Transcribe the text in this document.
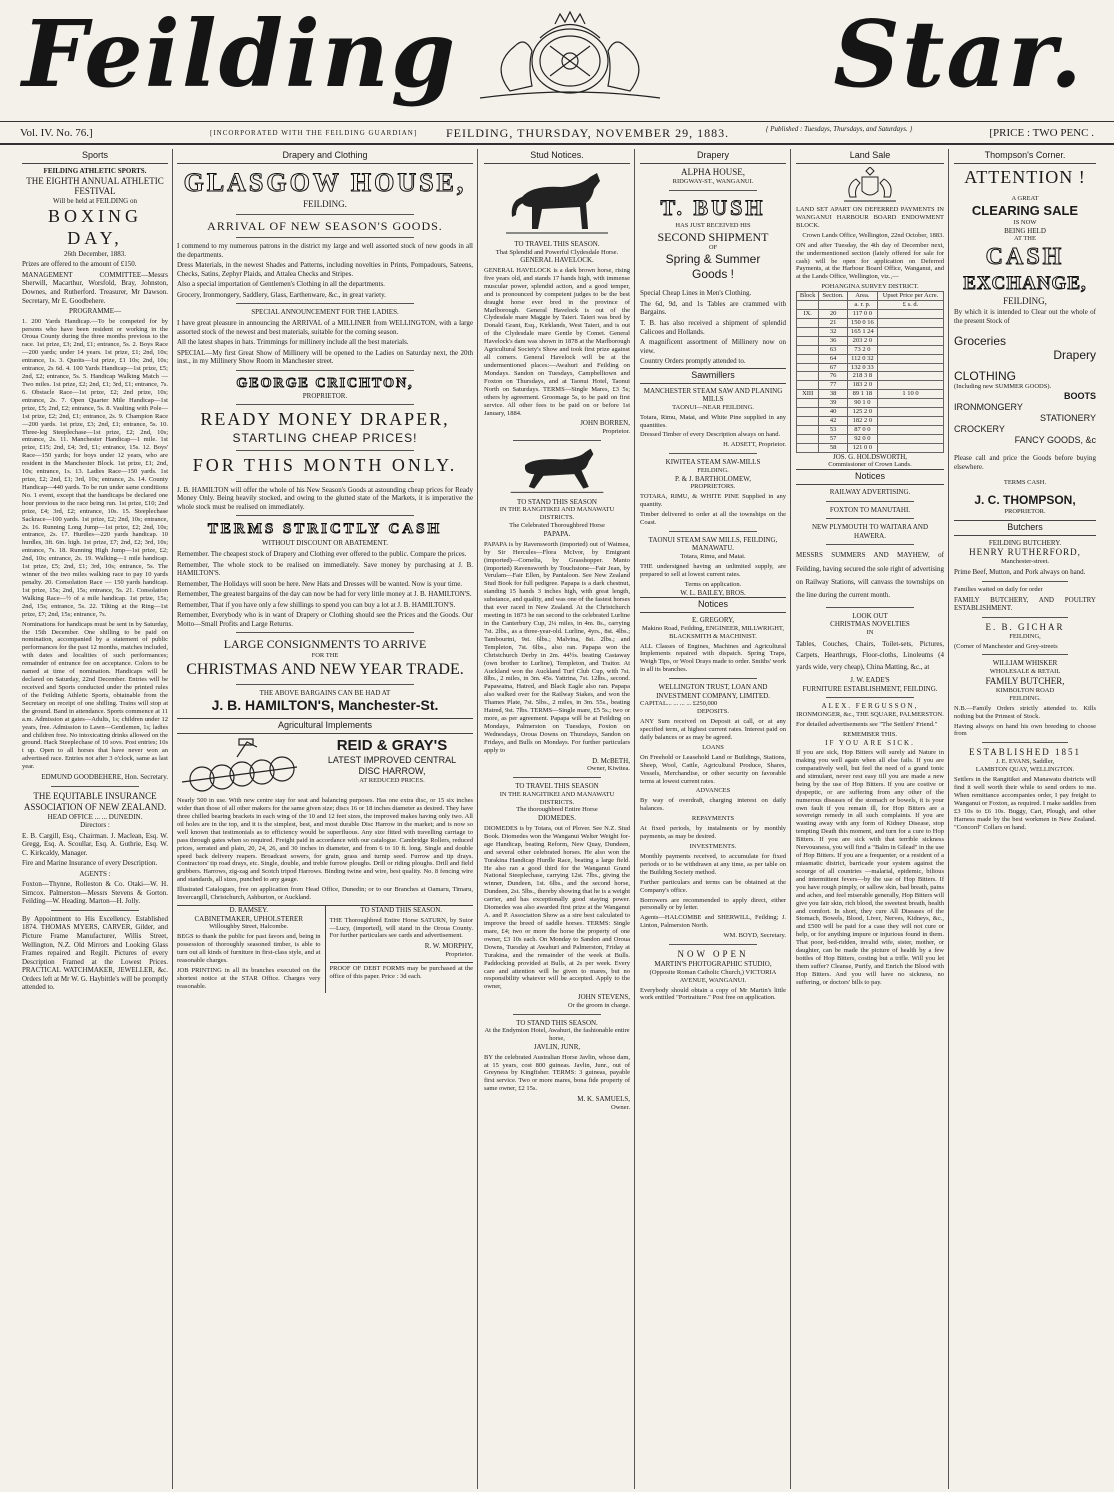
Feilding	Star.
Vol. IV. No. 76.]	[INCORPORATED WITH THE FEILDING GUARDIAN] FEILDING, THURSDAY, NOVEMBER 29, 1883.	{ Published : Tuesdays, Thursdays, and Saturdays. }	[PRICE : TWO PENC .
Sports
FEILDING ATHLETIC SPORTS.
THE EIGHTH ANNUAL ATHLETIC FESTIVAL
Will be held at FEILDING on
BOXING DAY,
26th December, 1883.
Prizes are offered to the amount of £150.
MANAGEMENT COMMITTEE—Messrs Sherwill, Macarthur, Worsfold, Bray, Johnston, Downes, and Rutherford. Treasurer, Mr Dawson. Secretary, Mr E. Goodbehere.
PROGRAMME—
1. 200 Yards Handicap.—To be competed for by persons who have been resident or working in the Oroua County during the three months previous to the race. 1st prize, £3; 2nd, £1; entrance, 5s. 2. Boys Race—200 yards; under 14 years. 1st prize, £1; 2nd, 10s; entrance, 1s. 3. Quoits—1st prize, £1 10s; 2nd, 10s; entrance, 2s 6d. 4. 100 Yards Handicap—1st prize, £5; 2nd, £2; entrance, 5s. 5. Handicap Walking Match — Two miles. 1st prize, £2; 2nd, £1; 3rd, £1; entrance, 7s. 6. Obstacle Race—1st prize, £2; 2nd prize, 10s; entrance, 2s. 7. Open Quarter Mile Handicap—1st prize, £5; 2nd, £2; entrance, 5s. 8. Vaulting with Pole—1st prize, £2; 2nd, £1; entrance, 2s. 9. Champion Race—200 yards. 1st prize, £3; 2nd, £1; entrance, 5s. 10. Three-leg Steeplechase—1st prize, £2; 2nd, 10s; entrance, 2s. 11. Manchester Handicap—1 mile. 1st prize, £15; 2nd, £4; 3rd, £1; entrance, 15s. 12. Boys' Race—150 yards; for boys under 12 years, who are resident in the Manchester Block. 1st prize, £1; 2nd, 10s; entrance, 1s. 13. Ladies Race—150 yards. 1st prize, £2; 2nd, £1; 3rd, 10s; entrance, 2s. 14. County Handicap—440 yards. To be run under same conditions No. 1 event, except that the handicaps be declared one hour previous to the race being run. 1st prize, £10; 2nd prize, £4; 3rd, £2; entrance, 10s. 15. Steeplechase Sackrace—100 yards. 1st prize, £2; 2nd, 10s; entrance, 2s. 16. Running Long Jump—1st prize, £2; 2nd, 10s; entrance, 2s. 17. Hurdles—220 yards handicap. 10 hurdles, 3ft. 6in. high. 1st prize, £7; 2nd, £2; 3rd, 10s; entrance, 7s. 18. Running High Jump—1st prize, £2; 2nd, 10s; entrance, 2s. 19. Walking—1 mile handicap. 1st prize, £5; 2nd, £1; 3rd, 10s; entrance, 5s. The winner of the two miles walking race to pay 10 yards penalty. 20. Consolation Race — 150 yards handicap. 1st prize, 15s; 2nd, 15s; entrance, 5s. 21. Consolation Walking Race—½ of a mile handicap. 1st prize, 15s; 2nd, 15s; entrance, 5s. 22. Tilting at the Ring—1st prize, £7; 2nd, 15s; entrance, 7s.
Nominations for handicaps must be sent in by Saturday, the 15th December. One shilling to be paid on nomination, accompanied by a statement of public performances for the past 12 months, matches included, with dates and localities of such performances; remainder of entrance fee on acceptance. Colors to be named at time of nomination. Handicaps will be declared on Saturday, 22nd December. Entries will be received and Sports conducted under the printed rules of the Feilding Athletic Sports, obtainable from the Secretary on receipt of one shilling. Trains will stop at the ground. Band in attendance. Sports commence at 11 a.m. Admission at gates—Adults, 1s; children under 12 years, free. Admission to Lawn—Gentlemen, 1s; ladies and children free. No intoxicating drinks allowed on the ground. Hack Steeplechase of 10 sovs. Post entries; 10s t up. Open to all horses that have never won an advertised race. Entries not after 3 o'clock, same as last year.
EDMUND GOODBEHERE, Hon. Secretary.
THE EQUITABLE INSURANCE ASSOCIATION OF NEW ZEALAND.
HEAD OFFICE ... ... DUNEDIN.
Directors :
E. B. Cargill, Esq., Chairman. J. Maclean, Esq. W. Gregg, Esq. A. Scoullar, Esq. A. Guthrie, Esq. W. C. Kirkcaldy, Manager.
Fire and Marine Insurance of every Description.
AGENTS :
Foxton—Thynne, Rolleston & Co. Otaki—W. H. Simcox. Palmerston—Messrs Stevens & Gorton. Feilding—W. Heading. Marton—H. Jolly.
By Appointment to His Excellency. Established 1874. THOMAS MYERS, CARVER, Gilder, and Picture Frame Manufacturer, Willis Street, Wellington, N.Z. Old Mirrors and Looking Glass Frames repaired and Regilt. Pictures of every Description Framed at the Lowest Prices. PRACTICAL WATCHMAKER, JEWELLER, &c. Orders left at Mr W. G. Haybittle's will be promptly attended to.
Drapery and Clothing
GLASGOW HOUSE,
FEILDING.
ARRIVAL OF NEW SEASON'S GOODS.
I commend to my numerous patrons in the district my large and well assorted stock of new goods in all the departments.
Dress Materials, in the newest Shades and Patterns, including novelties in Prints, Pompadours, Sateens, Checks, Satins, Zephyr Plaids, and Attalea Checks and Stripes.
Also a special importation of Gentlemen's Clothing in all the departments.
Grocery, Ironmongery, Saddlery, Glass, Earthenware, &c., in great variety.
SPECIAL ANNOUNCEMENT FOR THE LADIES.
I have great pleasure in announcing the ARRIVAL of a MILLINER from WELLINGTON, with a large assorted stock of the newest and best materials, suitable for the coming season.
All the latest shapes in hats. Trimmings for millinery include all the best materials.
SPECIAL—My first Great Show of Millinery will be opened to the Ladies on Saturday next, the 20th inst., in my Millinery Show Room in Manchester street.
GEORGE CRICHTON,
PROPRIETOR.
READY MONEY DRAPER,
STARTLING CHEAP PRICES!
FOR THIS MONTH ONLY.
J. B. HAMILTON will offer the whole of his New Season's Goods at astounding cheap prices for Ready Money Only. Being heavily stocked, and owing to the glutted state of the Markets, it is imperative the whole stock must be realised on immediately.
TERMS STRICTLY CASH
WITHOUT DISCOUNT OR ABATEMENT.
Remember. The cheapest stock of Drapery and Clothing ever offered to the public. Compare the prices.
Remember, The whole stock to be realised on immediately. Save money by purchasing at J. B. HAMILTON'S.
Remember, The Holidays will soon be here. New Hats and Dresses will be wanted. Now is your time.
Remember, The greatest bargains of the day can now be had for very little money at J. B. HAMILTON'S.
Remember, That if you have only a few shillings to spend you can buy a lot at J. B. HAMILTON'S.
Remember, Everybody who is in want of Drapery or Clothing should see the Prices and the Goods. Our Motto—Small Profits and Large Returns.
LARGE CONSIGNMENTS TO ARRIVE
FOR THE
CHRISTMAS AND NEW YEAR TRADE.
THE ABOVE BARGAINS CAN BE HAD AT
J. B. HAMILTON'S, Manchester-St.
Agricultural Implements
REID & GRAY'S
LATEST IMPROVED CENTRAL
DISC HARROW,
AT REDUCED PRICES.
Nearly 500 in use. With new centre stay for seat and balancing purposes. Has one extra disc, or 15 six inches wider than those of all other makers for the same given size; discs 16 or 18 inches diameter as desired. They have three chilled bearing brackets in each wing of the 10 and 12 feet sizes, the improved makes having only two. All oil holes are in the top, and it is the simplest, best, and most durable Disc Harrow in the market; and is now so well known that testimonials as to efficiency would be superfluous. Any size fitted with travelling carriage to pass through gates when so required. Freight paid in accordance with our catalogue. Cambridge Rollers, reduced prices, serrated and plain, 20, 24, 26, and 30 inches in diameter, and from 6 to 10 ft. long. Single and double speed back delivery reapers. Broadcast sowers, for grain, grass and turnip seed. Furrow and tip drays. Contractors' tip road drays, etc. Single, double, and treble furrow ploughs. Drill or riding ploughs. Drill and field grubbers. Harrows, zig-zag and Scotch tripod Harrows. Binding twine and wire, best quality. No. 8 fencing wire and standards, all sizes, punched to any gauge.
Illustrated Catalogues, free on application from Head Office, Dunedin; or to our Branches at Oamaru, Timaru, Invercargill, Christchurch, Ashburton, or Auckland.
D. RAMSEY.
CABINETMAKER, UPHOLSTERER
Willoughby Street, Halcombe.
BEGS to thank the public for past favors and, being in possession of thoroughly seasoned timber, is able to turn out all kinds of furniture in first-class style, and at reasonable charges.
JOB PRINTING in all its branches executed on the shortest notice at the STAR Office. Charges very reasonable.
TO STAND THIS SEASON.
THE Thoroughbred Entire Horse SATURN, by Sutor—Lucy, (imported), will stand in the Oroua County. For further particulars see cards and advertisement.
R. W. MORPHY,
Proprietor.
PROOF OF DEBT FORMS may be purchased at the office of this paper. Price : 3d each.
Stud Notices.
TO TRAVEL THIS SEASON.
That Splendid and Powerful Clydesdale Horse.
GENERAL HAVELOCK.
GENERAL HAVELOCK is a dark brown horse, rising five years old, and stands 17 hands high, with immense muscular power, splendid action, and a good temper, and is pronounced by competent judges to be the best draught horse ever bred in the province of Marlborough. General Havelock is out of the Clydesdale mare Maggie by Taieri. Taieri was bred by Donald Grant, Esq., Kirklands, West Taieri, and is out of the Clydesdale mare Gentle by Comet. General Havelock's dam was shown in 1878 at the Marlborough Agricultural Society's Show and took first prize against all comers. General Havelock will be at the undermentioned places:—Awahuri and Feilding on Mondays. Sandon on Tuesdays, Campbelltown and Foxton on Thursdays, and at Taonui Hotel, Taonui North on Saturdays. TERMS—Single Mares, £3 5s; others by agreement. Groomage 5s, to be paid on first service. All other fees to be paid on or before 1st January, 1884.
JOHN BORREN,
Proprietor.
TO STAND THIS SEASON
IN THE RANGITIKEI AND MANAWATU DISTRICTS.
The Celebrated Thoroughbred Horse
PAPAPA.
PAPAPA is by Ravensworth (imported) out of Waimea, by Sir Hercules—Flora McIvor, by Emigrant (imported)—Cornelia, by Grasshopper. Manto (imported) Ravensworth by Touchstone—Fair Jean, by Verulam—Fair Ellen, by Pantaloon. See New Zealand Stud Book for full pedigree. Papapa is a dark chestnut, standing 15 hands 3 inches high, with great length, substance, and quality, and was one of the fastest horses that ever raced in New Zealand. At the Christchurch meeting in 1873 he ran second to the celebrated Lurline in the Canterbury Cup, 2¼ miles, in 4m. 8s., carrying 7st. 2lbs., as a three-year-old. Lurline, 4yrs., 8st. 4lbs.; Tambourini, 9st. 6lbs.; Malvina, 8st. 2lbs.; and Templeton, 7st. 6lbs., also ran. Papapa won the Christchurch Derby in 2m. 44½s. beating Castaway (own brother to Lurline), Templeton, and Traitor. At Auckland won the Auckland Turf Club Cup, with 7st. 8lbs., 2 miles, in 3m. 45s. Yattrina, 7st. 12lbs., second. Papawaina, Hatred, and Black Eagle also ran. Papapa also walked over for the Railway Stakes, and won the Thames Plate, 7st. 5lbs., 2 miles, in 3m. 55s., beating Hatred, 9st. 7lbs. TERMS—Single mare, £5 5s.; two or more, as per agreement. Papapa will be at Feilding on Mondays, Palmerston on Tuesdays, Foxton on Wednesdays, Oroua Downs on Thursdays, Sandon on Fridays, and Bulls on Mondays. For further particulars apply to
D. McBETH,
Owner, Kiwitea.
TO TRAVEL THIS SEASON
IN THE RANGITIKEI AND MANAWATU DISTRICTS.
The thoroughbred Entire Horse
DIOMEDES.
DIOMEDES is by Totara, out of Plover. See N.Z. Stud Book. Diomedes won the Wanganui Welter Weight for-age Handicap, beating Reform, New Quay, Dundeen, and several other celebrated horses. He also won the Turakina Handicap Hurdle Race, beating a large field. He also ran a good third for the Wanganui Grand National Steeplechase, carrying 12st. 7lbs., giving the winner, Dundeen, 1st. 6lbs., and the second horse, Dundeen, 2st. 5lbs., thereby showing that he is a weight carrier, and has exceptionally good staying power. Diomedes was also awarded first prize at the Wanganui A. and P. Association Show as a sire best calculated to improve the breed of saddle horses. TERMS: Single mare, £4; two or more the horse the property of one owner, £3 10s each. On Monday to Sandon and Oroua Downs, Tuesday at Awahuri and Palmerston, Friday at Turakina, and the remainder of the week at Bulls. Paddocking provided at Bulls, at 2s per week. Every care and attention will be given to mares, but no responsibility whatever will be accepted. Apply to the owner,
JOHN STEVENS,
Or the groom in charge.
TO STAND THIS SEASON.
At the Endymion Hotel, Awahuri, the fashionable entire horse,
JAVLIN, JUNR,
BY the celebrated Australian Horse Javlin, whose dam, at 15 years, cost 800 guineas. Javlin, Junr., out of Greyness by Kingfisher. TERMS: 3 guineas, payable first service. Two or more mares, bona fide property of same owner, £2 15s.
M. K. SAMUELS,
Owner.
Drapery
ALPHA HOUSE,
RIDGWAY-ST., WANGANUI.
T. BUSH
HAS JUST RECEIVED HIS
SECOND SHIPMENT
OF
Spring & Summer
Goods !
Special Cheap Lines in Men's Clothing.
The 6d, 9d, and 1s Tables are crammed with Bargains.
T. B. has also received a shipment of splendid Calicoes and Hollands.
A magnificent assortment of Millinery now on view.
Country Orders promptly attended to.
Sawmillers
MANCHESTER STEAM SAW AND PLANING MILLS
TAONUI—NEAR FEILDING.
Totara, Rimu, Matai, and White Pine supplied in any quantities.
Dressed Timber of every Description always on hand.
H. ADSETT, Proprietor.
KIWITEA STEAM SAW-MILLS
FEILDING.
P. & J. BARTHOLOMEW,
PROPRIETORS.
TOTARA, RIMU, & WHITE PINE Supplied in any quantity.
Timber delivered to order at all the townships on the Coast.
TAONUI STEAM SAW MILLS, FEILDING, MANAWATU.
Totara, Rimu, and Matai.
THE undersigned having an unlimited supply, are prepared to sell at lowest current rates.
Terms on application.
W. L. BAILEY, BROS.
Notices
E. GREGORY,
Makino Road, Feilding, ENGINEER, MILLWRIGHT, BLACKSMITH & MACHINIST.
ALL Classes of Engines, Machines and Agricultural Implements repaired with dispatch. Spring Traps, Weigh Tips, or Wool Drays made to order. Smiths' work in all its branches.
WELLINGTON TRUST, LOAN AND INVESTMENT COMPANY, LIMITED.
CAPITAL... ... ... ... £250,000
DEPOSITS.
ANY Sum received on Deposit at call, or at any specified term, at highest current rates. Interest paid on daily balances or as may be agreed.
LOANS
On Freehold or Leasehold Land or Buildings, Stations, Sheep, Wool, Cattle, Agricultural Produce, Shares, Vessels, Merchandise, or other security on favorable terms at lowest current rates.
ADVANCES
By way of overdraft, charging interest on daily balances.
REPAYMENTS
At fixed periods, by instalments or by monthly payments, as may be desired.
INVESTMENTS.
Monthly payments received, to accumulate for fixed periods or to be withdrawn at any time, as per table on the Building Society method.
Further particulars and terms can be obtained at the Company's office.
Borrowers are recommended to apply direct, either personally or by letter.
Agents—HALCOMBE and SHERWILL, Feilding; J. Linton, Palmerston North.
WM. BOYD, Secretary.
NOW OPEN
MARTIN'S PHOTOGRAPHIC STUDIO,
(Opposite Roman Catholic Church,) VICTORIA AVENUE, WANGANUI.
Everybody should obtain a copy of Mr Martin's little work entitled "Portraiture." Post free on application.
Land Sale
LAND SET APART ON DEFERRED PAYMENTS IN WANGANUI HARBOUR BOARD ENDOWMENT BLOCK.
Crown Lands Office, Wellington, 22nd October, 1883.
ON and after Tuesday, the 4th day of December next, the undermentioned section (lately offered for sale for cash) will be open for application on Deferred Payments, at the Harbour Board Office, Wanganui, and at the Lands Office, Wellington, viz.,—
POHANGINA SURVEY DISTRICT.
Block	Section.	Area.	Upset Price per Acre.
		a. r. p.	£ s. d.
IX.	20	117 0 0	
	21	150 0 16	
	32	165 1 24	
	36	203 2 0	
	63	73 2 0	
	64	112 0 32	
	67	132 0 33	
	76	218 3 8	
	77	183 2 0	
XIII	38	89 1 18	1 10 0
	39	90 1 0	
	40	125 2 0	
	42	182 2 0	
	53	87 0 0	
	57	92 0 0	
	58	121 0 0	
JOS. G. HOLDSWORTH,
Commissioner of Crown Lands.
Notices
RAILWAY ADVERTISING.
FOXTON TO MANUTAHI.
NEW PLYMOUTH TO WAITARA AND HAWERA.
MESSRS SUMMERS AND MAYHEW, of Feilding, having secured the sole right of advertising on Railway Stations, will canvass the townships on the line during the current month.
LOOK OUT
CHRISTMAS NOVELTIES
IN
Tables, Couches, Chairs, Toilet-sets, Pictures, Carpets, Hearthrugs, Floor-cloths, Linoleums (4 yards wide, very cheap), China Matting, &c., at
J. W. EADE'S
FURNITURE ESTABLISHMENT, FEILDING.
ALEX. FERGUSSON,
IRONMONGER, &c., THE SQUARE, PALMERSTON.
For detailed advertisements see "The Settlers' Friend."
REMEMBER THIS.
IF YOU ARE SICK.
If you are sick, Hop Bitters will surely aid Nature in making you well again when all else fails. If you are comparatively well, but feel the need of a grand tonic and stimulant, never rest easy till you are made a new being by the use of Hop Bitters. If you are costive or dyspeptic, or are suffering from any other of the numerous diseases of the stomach or bowels, it is your own fault if you remain ill, for Hop Bitters are a sovereign remedy in all such complaints. If you are wasting away with any form of Kidney Disease, stop tempting Death this moment, and turn for a cure to Hop Bitters. If you are sick with that terrible sickness Nervousness, you will find a "Balm in Gilead" in the use of Hop Bitters. If you are a frequenter, or a resident of a miasmatic district, barricade your system against the scourge of all countries —malarial, epidemic, bilious and intermittent fevers—by the use of Hop Bitters. If you have rough pimply, or sallow skin, bad breath, pains and aches, and feel miserable generally, Hop Bitters will give you fair skin, rich blood, the sweetest breath, health and comfort. In short, they cure All Diseases of the Stomach, Bowels, Blood, Liver, Nerves, Kidneys, &c., and £500 will be paid for a case they will not cure or help, or for anything impure or injurious found in them. That poor, bed-ridden, invalid wife, sister, mother, or daughter, can be made the picture of health by a few bottles of Hop Bitters, costing but a trifle. Will you let them suffer? Cleanse, Purify, and Enrich the Blood with Hop Bitters. And you will have no sickness, no suffering, or doctors' bills to pay.
Thompson's Corner.
ATTENTION !
A GREAT
CLEARING SALE
IS NOW
BEING HELD
AT THE
CASH
EXCHANGE,
FEILDING,
By which it is intended to Clear out the whole of the present Stock of
Groceries
Drapery
CLOTHING
(Including new SUMMER GOODS).
BOOTS
IRONMONGERY
STATIONERY
CROCKERY
FANCY GOODS, &c
Please call and price the Goods before buying elsewhere.
TERMS CASH.
J. C. THOMPSON,
PROPRIETOR.
Butchers
FEILDING BUTCHERY.
HENRY RUTHERFORD,
Manchester-street.
Prime Beef, Mutton, and Pork always on hand.
Families waited on daily for order
FAMILY BUTCHERY, AND POULTRY ESTABLISHMENT.
E. B. GICHAR
FEILDING,
(Corner of Manchester and Grey-streets
WILLIAM WHISKER
WHOLESALE & RETAIL
FAMILY BUTCHER,
KIMBOLTON ROAD
FEILDING.
N.B.—Family Orders strictly attended to. Kills nothing but the Primest of Stock.
Having always on hand his own breeding to choose from
ESTABLISHED 1851
J. E. EVANS, Saddler,
LAMBTON QUAY, WELLINGTON.
Settlers in the Rangitikei and Manawatu districts will find it well worth their while to send orders to me. When remittance accompanies order, I pay freight to Wanganui or Foxton, as required. I make saddles from £3 10s to £6 10s. Buggy, Cart, Plough, and other Harness made by the best workmen in New Zealand. "Concord" Collars on hand.
